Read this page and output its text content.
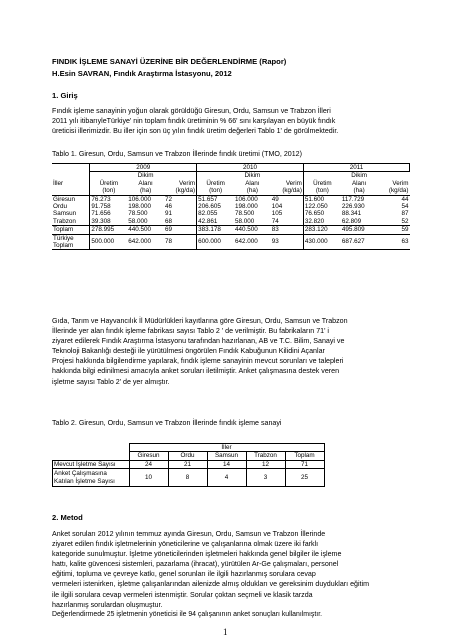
FINDIK İŞLEME SANAYİ ÜZERİNE BİR DEĞERLENDİRME (Rapor)
H.Esin SAVRAN, Fındık Araştırma İstasyonu, 2012
1. Giriş

Fındık işleme sanayinin yoğun olarak görüldüğü Giresun, Ordu, Samsun ve Trabzon İlleri

2011 yılı itibarıyleTürkiye' nin toplam fındık üretiminin % 66' sını karşılayan en büyük fındık

üreticisi illerimizdir. Bu iller için son üç yılın fındık üretim değerleri Tablo 1' de görülmektedir.

Tablo 1. Giresun, Ordu, Samsun ve Trabzon İllerinde fındık üretimi (TMO, 2012)
	2009			2010			2011		
		Dikim			Dikim			Dikim	
İller	Üretim	Alanı	Verim	Üretim	Alanı	Verim	Üretim	Alanı	Verim
	(ton)	(ha)	(kg/da)	(ton)	(ha)	(kg/da)	(ton)	(ha)	(kg/da)
Giresun	76.273	106.000	72	51.657	106.000	49	51.600	117.729	44
Ordu	91.758	198.000	46	206.605	198.000	104	122.050	226.930	54
Samsun	71.656	78.500	91	82.055	78.500	105	76.650	88.341	87
Trabzon	39.308	58.000	68	42.861	58.000	74	32.820	62.809	52
Toplam	278.995	440.500	69	383.178	440.500	83	283.120	495.809	59

Türkiye
Toplam	500.000	642.000	78	600.000	642.000	93	430.000	687.627	63

Gıda, Tarım ve Hayvancılık İl Müdürlükleri kayıtlarına göre Giresun, Ordu, Samsun ve Trabzon

İllerinde yer alan fındık işleme fabrikası sayısı Tablo 2 ' de verilmiştir. Bu fabrikaların 71' i

ziyaret edilerek Fındık Araştırma İstasyonu tarafından hazırlanan, AB ve T.C. Bilim, Sanayi ve

Teknoloji Bakanlığı desteği ile yürütülmesi öngörülen Fındık Kabuğunun Kilidini Açanlar

Projesi hakkında bilgilendirme yapılarak, fındık işleme sanayinin mevcut sorunları ve talepleri

hakkında bilgi edinilmesi amacıyla anket soruları iletilmiştir. Anket çalışmasına destek veren

işletme sayısı Tablo 2' de yer almıştır.

Tablo 2. Giresun, Ordu, Samsun ve Trabzon İllerinde fındık işleme sanayi
	İller				
	Giresun	Ordu	Samsun	Trabzon	Toplam
Mevcut İşletme Sayısı	24	21	14	12	71

Anket Çalışmasına
Katılan İşletme Sayısı	10	8	4	3	25
2. Metod

Anket soruları 2012 yılının temmuz ayında Giresun, Ordu, Samsun ve Trabzon İllerinde

ziyaret edilen fındık işletmelerinin yöneticilerine ve çalışanlarına olmak üzere iki farklı

kategoride sunulmuştur. İşletme yöneticilerinden işletmeleri hakkında genel bilgiler ile işleme

hattı, kalite güvencesi sistemleri, pazarlama (ihracat), yürütülen Ar-Ge çalışmaları, personel

eğitimi, topluma ve çevreye katkı, genel sorunları ile ilgili hazırlanmış sorulara cevap

vermeleri istenirken, işletme çalışanlarından ailenizde almış oldukları ve gereksinim duydukları eğitim

ile ilgili sorulara cevap vermeleri istenmiştir. Sorular çoktan seçmeli ve klasik tarzda

hazırlanmış sorulardan oluşmuştur.

Değerlendirmede 25 işletmenin yöneticisi ile 94 çalışanının anket sonuçları kullanılmıştır.
1
